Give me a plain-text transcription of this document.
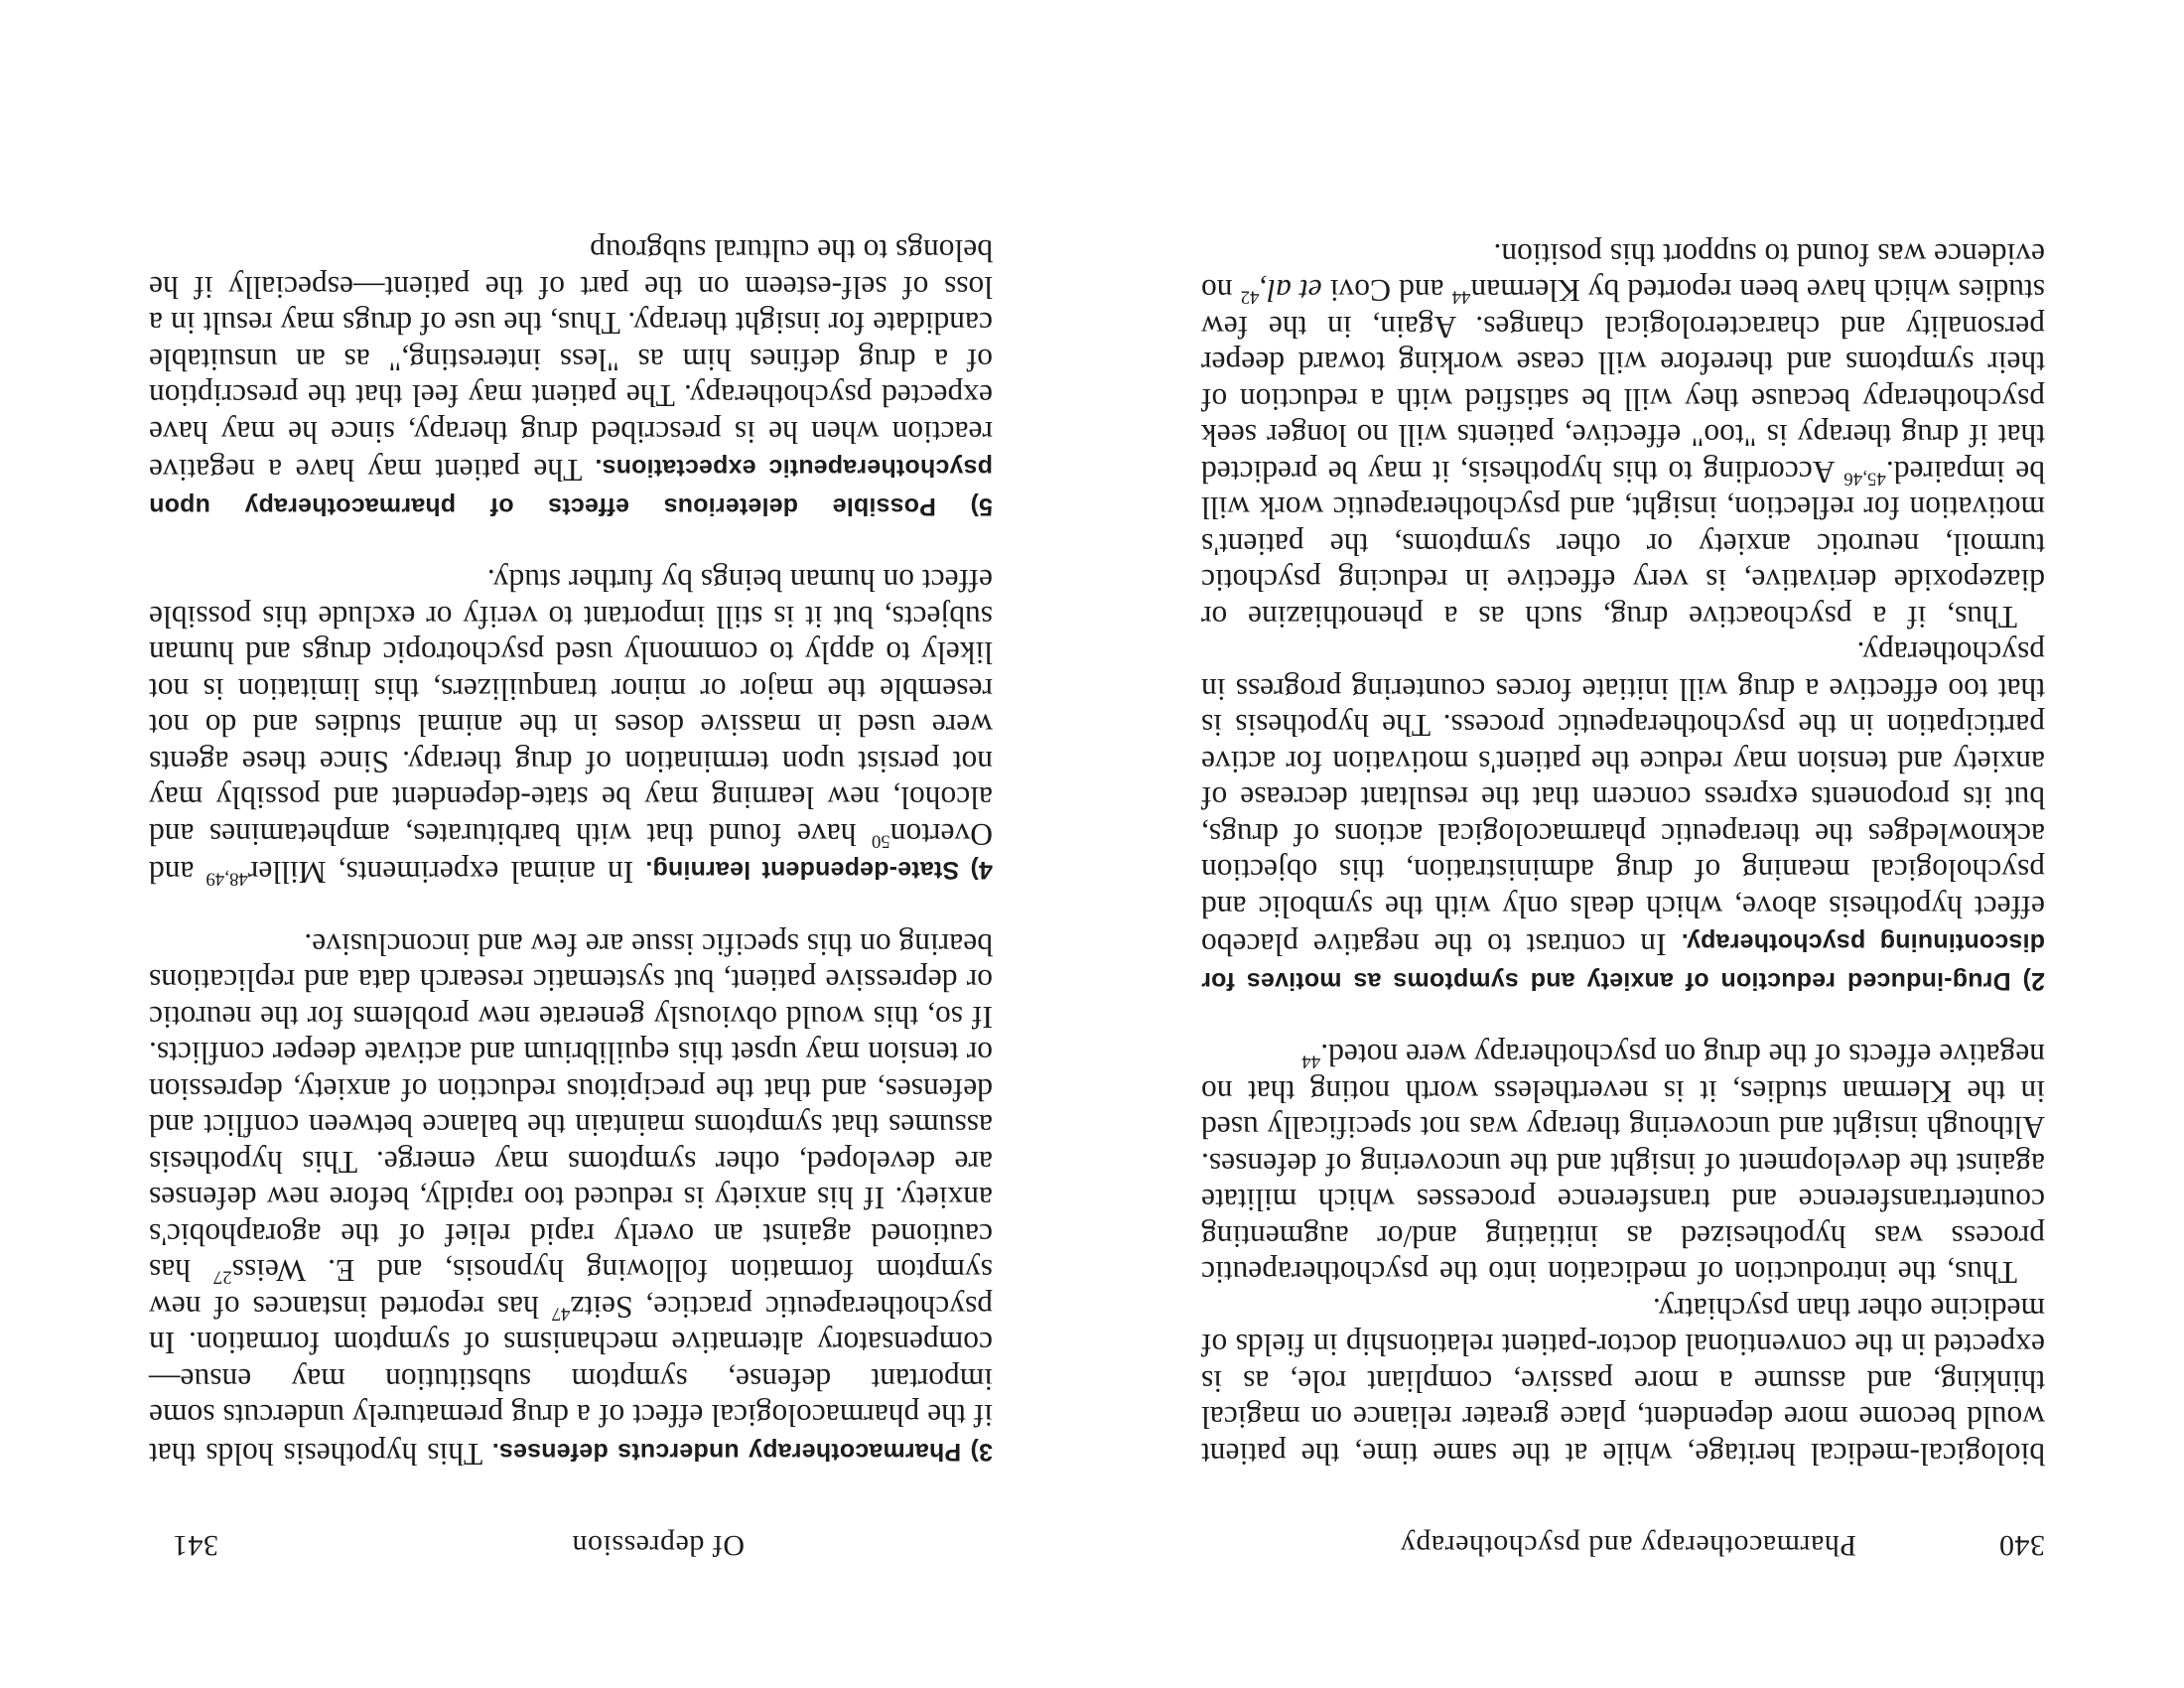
340
Pharmacotherapy and psychotherapy

biological-medical heritage, while at the same time, the patient would become more dependent, place greater reliance on magical thinking, and assume a more passive, compliant role, as is expected in the conventional doctor-patient relationship in fields of medicine other than psychiatry.

Thus, the introduction of medication into the psychotherapeutic process was hypothesized as initiating and/or augmenting countertransference and transference processes which militate against the development of insight and the uncovering of defenses. Although insight and uncovering therapy was not specifically used in the Klerman studies, it is nevertheless worth noting that no negative effects of the drug on psychotherapy were noted.$^{44}$

2) Drug-induced reduction of anxiety and symptoms as motives for discontinuing psychotherapy. In contrast to the negative placebo effect hypothesis above, which deals only with the symbolic and psychological meaning of drug administration, this objection acknowledges the therapeutic pharmacological actions of drugs, but its proponents express concern that the resultant decrease of anxiety and tension may reduce the patient's motivation for active participation in the psychotherapeutic process. The hypothesis is that too effective a drug will initiate forces countering progress in psychotherapy.

Thus, if a psychoactive drug, such as a phenothiazine or diazepoxide derivative, is very effective in reducing psychotic turmoil, neurotic anxiety or other symptoms, the patient's motivation for reflection, insight, and psychotherapeutic work will be impaired.$^{45,46}$ According to this hypothesis, it may be predicted that if drug therapy is "too" effective, patients will no longer seek psychotherapy because they will be satisfied with a reduction of their symptoms and therefore will cease working toward deeper personality and characterological changes. Again, in the few studies which have been reported by Klerman$^{44}$ and Covi et al,$^{42}$ no evidence was found to support this position.

Of depression
341

3) Pharmacotherapy undercuts defenses. This hypothesis holds that if the pharmacological effect of a drug prematurely undercuts some important defense, symptom substitution may ensue—compensatory alternative mechanisms of symptom formation. In psychotherapeutic practice, Seitz$^{47}$ has reported instances of new symptom formation following hypnosis, and E. Weiss$^{27}$ has cautioned against an overly rapid relief of the agoraphobic's anxiety. If his anxiety is reduced too rapidly, before new defenses are developed, other symptoms may emerge. This hypothesis assumes that symptoms maintain the balance between conflict and defenses, and that the precipitous reduction of anxiety, depression or tension may upset this equilibrium and activate deeper conflicts. If so, this would obviously generate new problems for the neurotic or depressive patient, but systematic research data and replications bearing on this specific issue are few and inconclusive.

4) State-dependent learning. In animal experiments, Miller$^{48,49}$ and Overton$^{50}$ have found that with barbiturates, amphetamines and alcohol, new learning may be state-dependent and possibly may not persist upon termination of drug therapy. Since these agents were used in massive doses in the animal studies and do not resemble the major or minor tranquilizers, this limitation is not likely to apply to commonly used psychotropic drugs and human subjects, but it is still important to verify or exclude this possible effect on human beings by further study.

5) Possible deleterious effects of pharmacotherapy upon psychotherapeutic expectations. The patient may have a negative reaction when he is prescribed drug therapy, since he may have expected psychotherapy. The patient may feel that the prescription of a drug defines him as "less interesting," as an unsuitable candidate for insight therapy. Thus, the use of drugs may result in a loss of self-esteem on the part of the patient—especially if he belongs to the cultural subgroup
